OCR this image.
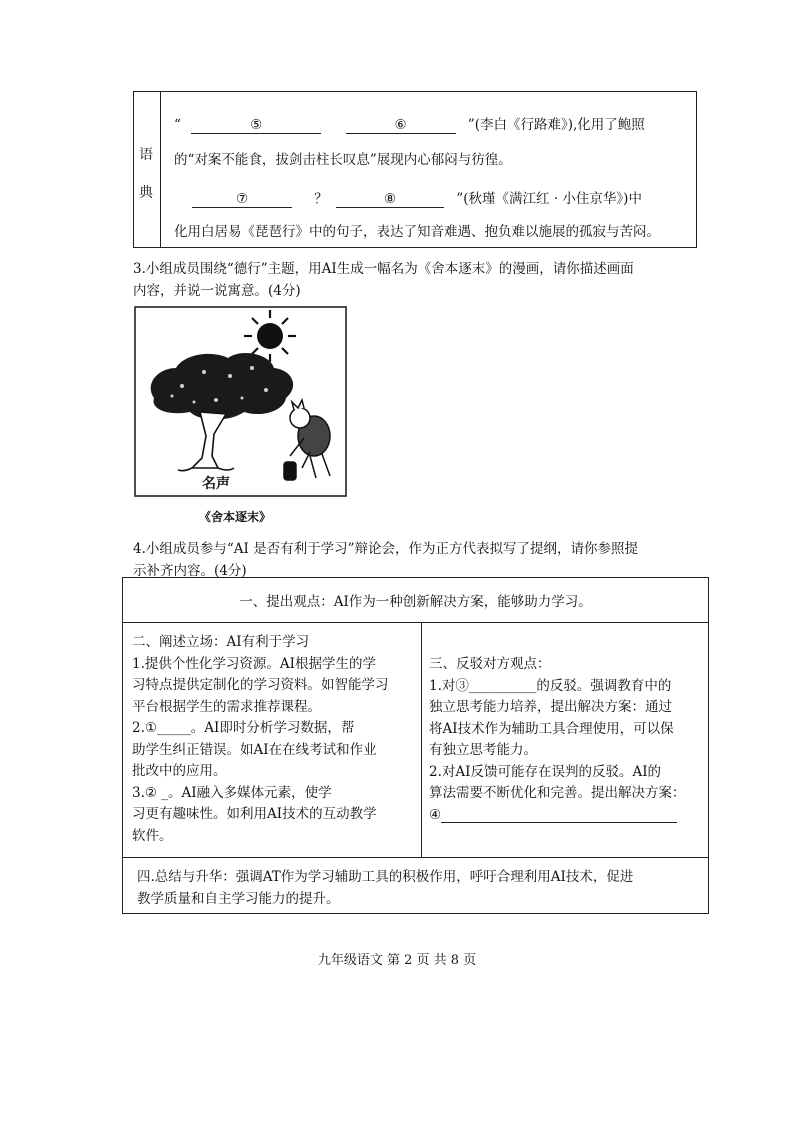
语
典
“	⑤	⑥	”(李白《行路难》),化用了鲍照
的“对案不能食，拔剑击柱长叹息”展现内心郁闷与彷徨。
⑦	？	⑧	”(秋瑾《满江红 · 小住京华》)中
化用白居易《琵琶行》中的句子，表达了知音难遇、抱负难以施展的孤寂与苦闷。
3.小组成员围绕“德行”主题，用AI生成一幅名为《舍本逐末》的漫画，请你描述画面
内容，并说一说寓意。(4分)
名声
《舍本逐末》
4.小组成员参与“AI 是否有利于学习”辩论会，作为正方代表拟写了提纲，请你参照提
示补齐内容。(4分)
一、提出观点：AI作为一种创新解决方案，能够助力学习。
二、阐述立场：AI有利于学习
1.提供个性化学习资源。AI根据学生的学
习特点提供定制化的学习资料。如智能学习
平台根据学生的需求推荐课程。
2.①_____。AI即时分析学习数据，帮
助学生纠正错误。如AI在在线考试和作业
批改中的应用。
3.② _。AI融入多媒体元素，使学
习更有趣味性。如利用AI技术的互动教学
软件。
三、反驳对方观点：
1.对③__________的反驳。强调教育中的
独立思考能力培养，提出解决方案：通过
将AI技术作为辅助工具合理使用，可以保
有独立思考能力。
2.对AI反馈可能存在误判的反驳。AI的
算法需要不断优化和完善。提出解决方案：
④
四.总结与升华：强调AT作为学习辅助工具的积极作用，呼吁合理利用AI技术，促进
教学质量和自主学习能力的提升。
九年级语文 第 2 页 共 8 页
